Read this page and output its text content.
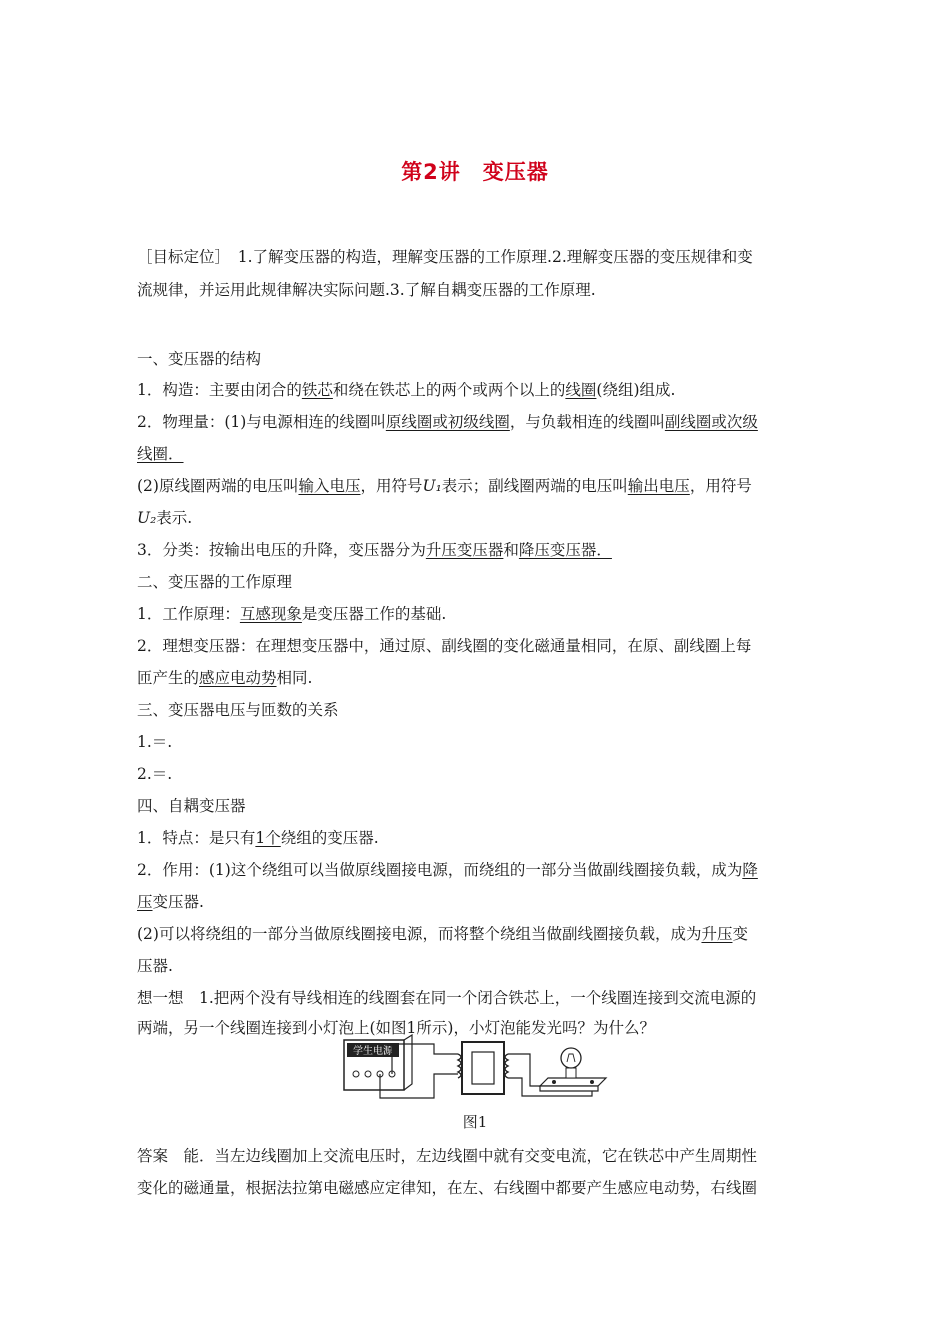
第2讲　变压器
［目标定位］　1.了解变压器的构造，理解变压器的工作原理.2.理解变压器的变压规律和变
流规律，并运用此规律解决实际问题.3.了解自耦变压器的工作原理.
一、变压器的结构
1．构造：主要由闭合的铁芯和绕在铁芯上的两个或两个以上的线圈(绕组)组成.
2．物理量：(1)与电源相连的线圈叫原线圈或初级线圈，与负载相连的线圈叫副线圈或次级
线圈．
(2)原线圈两端的电压叫输入电压，用符号U₁表示；副线圈两端的电压叫输出电压，用符号
U₂表示.
3．分类：按输出电压的升降，变压器分为升压变压器和降压变压器．
二、变压器的工作原理
1．工作原理：互感现象是变压器工作的基础.
2．理想变压器：在理想变压器中，通过原、副线圈的变化磁通量相同，在原、副线圈上每
匝产生的感应电动势相同.
三、变压器电压与匝数的关系
1.＝.
2.＝.
四、自耦变压器
1．特点：是只有1个绕组的变压器.
2．作用：(1)这个绕组可以当做原线圈接电源，而绕组的一部分当做副线圈接负载，成为降
压变压器.
(2)可以将绕组的一部分当做原线圈接电源，而将整个绕组当做副线圈接负载，成为升压变
压器.
想一想　1.把两个没有导线相连的线圈套在同一个闭合铁芯上，一个线圈连接到交流电源的
两端，另一个线圈连接到小灯泡上(如图1所示)，小灯泡能发光吗？为什么？
学生电源
图1
答案　能．当左边线圈加上交流电压时，左边线圈中就有交变电流，它在铁芯中产生周期性
变化的磁通量，根据法拉第电磁感应定律知，在左、右线圈中都要产生感应电动势，右线圈
